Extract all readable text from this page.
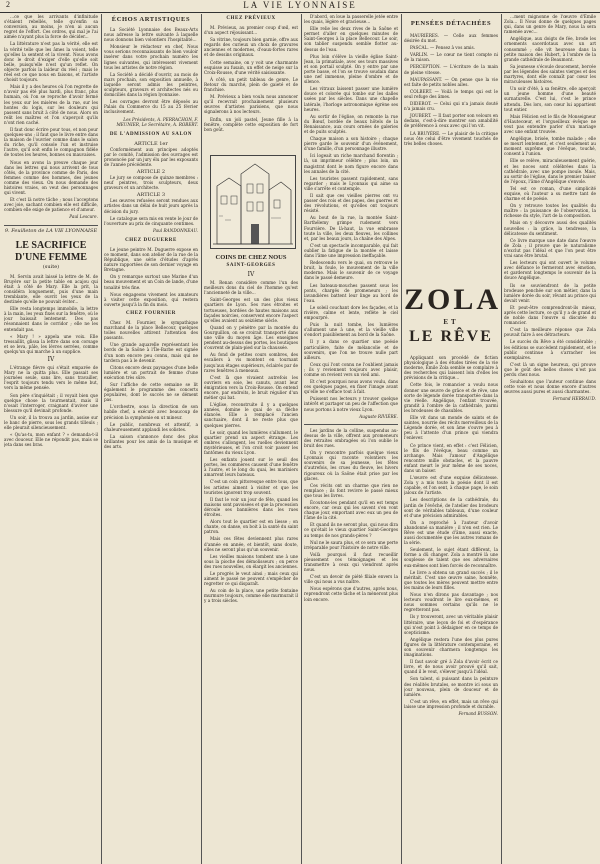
2	LA VIE LYONNAISE

…ce que les arrivants d'infinitude s'étaient rebellés, telle qu'enfin sa conversion, au moins, je n'en ai aucun regret de l'effort. Ces ordres, qui mal je l'ai aimée n'ayant plus la force de décider...

La littérature n'est pas la vérité, elle est la vérité telle que les âmes la voient, telle qu'elles la sentent et la vivent. Nous avons donc le droit d'exiger d'elle qu'elle soit belle, puisqu'elle n'est qu'un reflet. On objecte parfois la laideur du réel ; mais le réel est ce que nous en faisons, et l'artiste choisit toujours.

Mais il y a des heures où l'on regrette de n'avoir pas été plus hardi, plus franc, plus humain, où l'on se reproche d'avoir fermé les yeux sur les misères de la rue, sur les hontes du logis, sur les douleurs qui passent sans bruit à côté de nous. Alors on relit les maîtres et l'on s'aperçoit qu'ils n'ont rien caché.

Il faut donc écrire pour tous, et non pour quelques-uns ; il faut que le livre entre dans la maison de l'ouvrier comme dans le salon du riche, qu'il console l'un et instruise l'autre, qu'il soit enfin le compagnon fidèle de toutes les heures, bonnes ou mauvaises.

Nous en avons la preuve chaque jour dans les lettres qui nous arrivent de tous côtés, de la province comme de Paris, des femmes comme des hommes, des jeunes comme des vieux. On nous demande des histoires vraies, on veut des personnages qui vivent.

Et c'est là notre tâche ; nous l'acceptons avec joie, sachant combien elle est difficile, combien elle exige de patience et d'amour.

Paul Lescure.
9. Feuilleton de LA VIE LYONNAISE
LE SACRIFICE D'UNE FEMME
(suite)

M. Servin avait laissé la lettre de M. de Bruyère sur la petite table en acajou qui était à côté de Mary. Elle la prit, la considéra longuement, puis d'une main tremblante, elle ouvrit les yeux de la destinée qu'elle ne pouvait éviter...

Elle resta longtemps immobile, la lettre à la main, les yeux fixés sur la fenêtre, où le jour baissait lentement. Des pas résonnaient dans le corridor ; elle ne les entendait pas.

« Mary ! » appela une voix. Elle tressaillit, glissa la lettre dans son corsage et se leva, pâle, les lèvres serrées, comme quelqu'un qui marche à un supplice.

IV

L'étrange fièvre qui s'était emparée de Mary ne la quitta plus. Elle passait ses journées seule, sans lire, sans travailler, l'esprit toujours tendu vers le même but, vers la même pensée.

Son père s'inquiétait ; il voyait bien que quelque chose la tourmentait, mais il n'osait l'interroger, craignant d'aviver une blessure qu'il devinait profonde.

Un soir, il la trouva au jardin, assise sur le banc de pierre, sous les grands tilleuls ; elle pleurait silencieusement.

« Qu'as-tu, mon enfant ? » demanda-t-il avec douceur. Elle ne répondit pas, mais se jeta dans ses bras.

ÉCHOS ARTISTIQUES

La Société Lyonnaise des Beaux-Arts nous adresse la lettre suivante à laquelle nous donnons bien volontiers l'hospitalité...

Monsieur le rédacteur en chef, Nous vous serions reconnaissants de bien vouloir insérer dans votre prochain numéro les lignes suivantes, qui intéressent vivement tous les artistes de notre région.

La Société a décidé d'ouvrir, au mois de mars prochain, son exposition annuelle, à laquelle seront admis les peintres, sculpteurs, graveurs et architectes nés ou domiciliés dans la région lyonnaise.

Les ouvrages devront être déposés au Palais du Commerce du 15 au 25 février inclusivement.

Les Présidents, A. PERRACHON, F. MEUNIER, Le Secrétaire, A. ROBERT.
DE L'ADMISSION AU SALON
ARTICLE 1er

Conformément aux principes adoptés par le comité, l'admission des ouvrages est prononcée par un jury élu par les exposants de l'année précédente.

ARTICLE 2

Le jury se compose de quinze membres : neuf peintres, trois sculpteurs, deux graveurs et un architecte.

ARTICLE 3

Les œuvres refusées seront rendues aux artistes dans un délai de huit jours après la décision du jury.

Le catalogue sera mis en vente le jour de l'ouverture au prix de cinquante centimes.

Paul RANDONNEAU.
CHEZ DUGUERRE

Le jeune peintre M. Duguerre expose en ce moment, dans son atelier de la rue de la République, une série d'études d'après nature rapportées de son dernier voyage en Bretagne.

On y remarque surtout une Marine d'un beau mouvement et un Coin de lande, d'une tonalité très fine.

Nous engageons vivement les amateurs à visiter cette exposition, qui restera ouverte jusqu'à la fin du mois.

CHEZ FOURNIER

Chez M. Fournier, le sympathique marchand de la place Bellecour, quelques toiles nouvelles attirent l'attention des passants.

Une grande aquarelle représentant les bords de la Saône à l'Île-Barbe est signée d'un nom encore peu connu, mais qui ne tardera pas à le devenir.

Citons encore deux paysages d'une belle lumière et un portrait de femme d'une exécution très sûre.

Sur l'affiche de cette semaine se lit également le programme des concerts populaires, dont le succès ne se dément pas.

L'orchestre, sous la direction de son habile chef, a exécuté avec beaucoup de précision la symphonie en ut mineur.

Le public, nombreux et attentif, a chaleureusement applaudi les solistes.

La saison s'annonce donc des plus brillantes pour les amis de la musique et des arts.

CHEZ PRÉVIEUX

M. Prévieux, au premier coup d'œil, est d'un aspect réjouissant...

Sa vitrine, toujours bien garnie, offre aux regards des curieux un choix de gravures anciennes et modernes, d'eaux-fortes rares et de dessins originaux.

Cette semaine, on y voit une charmante esquisse au fusain, un effet de neige sur la Croix-Rousse, d'une vérité saisissante.

À côté, un petit tableau de genre, Le Retour du marché, plein de gaieté et de franchise.

M. Prévieux a bien voulu nous annoncer qu'il recevrait prochainement plusieurs œuvres d'artistes parisiens, que nous signalerons à nos lecteurs.

Enfin, un joli pastel, Jeune fille à la fenêtre, complète cette exposition de fort bon goût.

COINS DE CHEZ NOUS
SAINT-GEORGES
IV

M. Renan considère comme l'un des meilleurs dons du ciel de l'homme qu'est l'ancienneté de la ville...

Saint-Georges est un des plus vieux quartiers de Lyon. Ses rues étroites et tortueuses, bordées de hautes maisons aux façades noircies, conservent encore l'aspect qu'elles avaient au seizième siècle.

Quand on y pénètre par la montée du Gourguillon, on se croirait transporté dans une ville du moyen âge. Les enseignes pendent au-dessus des portes, les boutiques s'ouvrent de plain-pied sur la chaussée.

Au fond de petites cours sombres, des escaliers à vis montent en tournant jusqu'aux étages supérieurs, éclairés par de rares fenêtres à meneaux.

C'est là que vivaient autrefois les ouvriers en soie, les canuts, avant leur émigration vers la Croix-Rousse. On entend encore, par endroits, le bruit régulier d'un métier qui bat.

L'église, reconstruite il y a quelques années, domine le quai de sa flèche élancée. Elle a remplacé l'ancien sanctuaire, dont il ne reste plus que quelques pierres.

Le soir, quand les lumières s'allument, le quartier prend un aspect étrange. Les ombres s'allongent, les ruelles deviennent mystérieuses, et l'on croit voir passer les fantômes du vieux Lyon.

Les enfants jouent sur le seuil des portes, les commères causent d'une fenêtre à l'autre, et le long du quai, les mariniers amarrent leurs bateaux.

C'est un coin pittoresque entre tous, que les artistes aiment à visiter et que les touristes ignorent trop souvent.

Il faut le voir un jour de fête, quand les maisons sont pavoisées et que la procession déroule ses bannières dans les rues étroites.

Alors tout le quartier est en liesse ; on chante, on danse, on boit à la santé du saint patron.

Mais ces fêtes deviennent plus rares d'année en année, et bientôt, sans doute, elles ne seront plus qu'un souvenir.

Les vieilles maisons tombent une à une sous la pioche des démolisseurs ; on perce des rues nouvelles, on élargit les anciennes.

Le progrès le veut ainsi ; mais ceux qui aiment le passé ne peuvent s'empêcher de regretter ce qui disparaît.

Au coin de la place, une petite fontaine murmure toujours, comme elle murmurait il y a trois siècles.

D'abord, on loue la passerelle jetée entre les quais, légère et gracieuse...

Elle relie les deux rives de la Saône et permet d'aller en quelques minutes de Saint-Georges à la place Bellecour. Le soir, son tablier suspendu semble flotter au-dessus de l'eau.

Plus loin s'élève la vieille église Saint-Jean, la primatiale, avec ses tours massives et son portail sculpté. On y entre par une porte basse, et l'on se trouve soudain dans une nef immense, pleine d'ombre et de silence.

Les vitraux laissent passer une lumière douce et colorée qui tombe sur les dalles usées par les siècles. Dans une chapelle latérale, l'horloge astronomique égrène ses heures.

Au sortir de l'église, on remonte la rue du Bœuf, bordée de beaux hôtels de la Renaissance, aux cours ornées de galeries et de puits sculptés.

Chaque maison a son histoire ; chaque pierre garde le souvenir d'un événement, d'une famille, d'un personnage illustre.

Ici logeait un riche marchand florentin ; là, un imprimeur célèbre ; plus loin, un magistrat dont le nom figure encore dans les annales de la cité.

Les touristes passent rapidement, sans regarder ; mais le Lyonnais qui aime sa ville s'arrête et contemple.

Il sait que ces vieilles pierres ont vu passer des rois et des papes, des guerres et des révolutions, et qu'elles ont toujours résisté.

Au bout de la rue, la montée Saint-Barthélemy grimpe rudement vers Fourvière. De là-haut, la vue embrasse toute la ville, les deux fleuves, les collines et, par les beaux jours, la chaîne des Alpes.

C'est un spectacle incomparable, qui fait oublier la fatigue de la montée et laisse dans l'âme une impression ineffaçable.

Redescendu vers le quai, on retrouve le bruit, la foule, le mouvement de la ville moderne. Mais le souvenir de ce voyage dans le passé demeure.

Les bateaux-mouches passent sous les ponts, chargés de promeneurs ; les lavandières battent leur linge au bord de l'eau.

Le soleil couchant dore les façades, et la rivière, calme et lente, reflète le ciel empourpré.

Puis la nuit tombe, les lumières s'allument une à une, et la vieille ville s'endort paisiblement au bord de la Saône.

Il y a dans ce quartier une poésie particulière, faite de mélancolie et de souvenirs, que l'on ne trouve nulle part ailleurs.

Ceux qui l'ont connu ne l'oublient jamais ; ils y reviennent toujours avec plaisir, comme on revient vers un vieil ami.

Et c'est pourquoi nous avons voulu, dans ces quelques pages, en fixer l'image avant qu'elle ne s'efface tout à fait.

Puissent nos lecteurs y trouver quelque intérêt et partager un peu de l'affection que nous portons à notre vieux Lyon.

Auguste RIVIÈRE.

Les jardins de la colline, suspendus au-dessus de la ville, offrent aux promeneurs des retraites ombragées où l'on oublie le bruit des rues.

On y rencontre parfois quelque vieux Lyonnais qui raconte volontiers les souvenirs de sa jeunesse, les fêtes d'autrefois, les crues du fleuve, les hivers rigoureux où la Saône était prise par les glaces.

Ces récits ont un charme que rien ne remplace ; ils font revivre le passé mieux que tous les livres.

Écoutons-les pendant qu'il en est temps encore, car ceux qui les savent s'en vont chaque jour, emportant avec eux un peu de l'âme de la cité.

Et quand ils ne seront plus, qui nous dira ce qu'était le vieux quartier Saint-Georges au temps de nos grands-pères ?

Nul ne le saura plus, et ce sera une perte irréparable pour l'histoire de notre ville.

Voilà pourquoi il faut recueillir pieusement ces témoignages et les transmettre à ceux qui viendront après nous.

C'est un devoir de piété filiale envers la ville qui nous a vus naître.

Nous espérons que d'autres, après nous, reprendront cette tâche et la mèneront plus loin encore.

PENSÉES DÉTACHÉES

MAURIÈRES. — Celle aux femmes désirée du mot.

PASCAL. — Pensez à vos amis.

VARLIN. — Le cœur ne tient compte ni de la raison.

PERCEPTION. — L'écriture de la main de pleine vitesse.

MAUPASSANT. — On pense que la vie est faite de petits nobles ailes.

COLBERT. — Voilà le temps qui est le seul refuge des âmes.

DIDEROT. — Celui qui n'a jamais douté n'a jamais cru.

JOUBERT. — Il faut porter son velours en dedans, c'est-à-dire montrer son amabilité de préférence à ceux avec qui l'on vit.

LA BRUYÈRE. — Le plaisir de la critique nous ôte celui d'être vivement touchés de très belles choses.

ZOLA
ET
LE RÊVE

Appliquant son procédé de fiction physiologique à des études tirées de la vie moderne, Émile Zola semble se complaire à des recherches qui laissent loin d'elles les prévisions de la critique...

Cette fois, le romancier a voulu nous donner une œuvre de grâce et de rêve, une sorte de légende dorée transportée dans la vie réelle. Angélique, l'enfant trouvée, grandit à l'ombre de la cathédrale, parmi les brodeuses de chasubles.

Elle vit dans un monde de saints et de saintes, nourrie des récits merveilleux de la Légende dorée, et son âme s'ouvre peu à peu à l'attente d'un prince qui viendra l'enlever.

Ce prince vient, en effet : c'est Félicien, le fils de l'évêque, beau comme un archange. Mais l'amour d'Angélique rencontre mille obstacles, et la pauvre enfant meurt le jour même de ses noces, dans un baiser.

L'œuvre est d'une exquise délicatesse. Zola y a mis toute la poésie dont il est capable, et l'on sent, à chaque page, le soin jaloux de l'artiste.

Les descriptions de la cathédrale, du jardin de l'évêché, de l'atelier des brodeurs sont de véritables tableaux, d'une couleur et d'une précision admirables.

On a reproché à l'auteur d'avoir abandonné sa manière ; il n'en est rien. Le Rêve est une étude d'âme, aussi exacte, aussi documentée que les autres romans de la série.

Seulement, le sujet étant différent, la forme a dû changer. Zola a montré là une souplesse de talent que ses adversaires eux-mêmes sont bien forcés de reconnaître.

Le livre a obtenu un grand succès ; il le méritait. C'est une œuvre saine, honnête, que toutes les mères peuvent mettre entre les mains de leurs filles.

Nous n'en dirons pas davantage ; nos lecteurs voudront le lire eux-mêmes, et nous sommes certains qu'ils ne le regretteront pas.

Ils y trouveront, avec un véritable plaisir littéraire, une leçon de foi et d'espérance qui n'est point à dédaigner en ce temps de scepticisme.

Angélique restera l'une des plus pures figures de la littérature contemporaine, et son souvenir charmera longtemps les imaginations.

Il faut savoir gré à Zola d'avoir écrit ce livre, et de nous avoir prouvé qu'il sait, quand il le veut, s'élever jusqu'à l'idéal.

Son talent, si puissant dans la peinture des réalités brutales, se montre ici sous un jour nouveau, plein de douceur et de lumière.

C'est un rêve, en effet, mais un rêve qui laisse une impression profonde et durable.

Fernand BUSSON.

…ment mignonne de l'œuvre d'Émile Zola... Il Nous donne de quelques pages qui, dans un genre de Mary, nous la sera ramenée avec...

Angélique, aux doigts de fée, brode les ornements sacerdotaux avec un art consommé ; elle vit heureuse dans la petite maison des Hubert, à l'ombre de la grande cathédrale de Beaumont.

Sa jeunesse s'écoule doucement, bercée par les légendes des saintes vierges et des martyres, dont elle connaît par cœur les miraculeuses histoires.

Un soir d'été, à sa fenêtre, elle aperçoit un jeune homme d'une beauté surnaturelle. C'est lui, c'est le prince attendu. Dès lors, son cœur lui appartient tout entier.

Mais Félicien est le fils de Monseigneur d'Hautecœur, et l'orgueilleux évêque ne veut pas entendre parler d'un mariage avec une enfant trouvée.

Angélique, brisée, tombe malade ; elle se meurt lentement, et c'est seulement au moment suprême que l'évêque, touché, consent à l'union.

Elle se relève, miraculeusement guérie, et les noces sont célébrées dans la cathédrale, avec une pompe inouïe. Mais, au sortir de l'église, dans le premier baiser de l'époux, l'âme d'Angélique s'envole.

Tel est ce roman, d'une simplicité exquise, où l'auteur a su mettre tant de charme et de poésie.

On y retrouve toutes les qualités du maître : la puissance de l'observation, la richesse du style, l'art de la composition.

Mais on y découvre aussi des qualités nouvelles : la grâce, la tendresse, la délicatesse du sentiment.

Ce livre marque une date dans l'œuvre de Zola ; il prouve que le naturalisme n'exclut pas l'idéal et que l'on peut être vrai sans être brutal.

Les lecteurs qui ont ouvert le volume avec défiance le fermeront avec émotion, et garderont longtemps le souvenir de la douce Angélique.

Ils se souviendront de la petite brodeuse penchée sur son métier, dans la lumière dorée du soir, rêvant au prince qui devait venir.

Et peut-être comprendront-ils mieux, après cette lecture, ce qu'il y a de grand et de noble dans l'œuvre si discutée du romancier.

C'est la meilleure réponse que Zola pouvait faire à ses détracteurs.

Le succès du Rêve a été considérable ; les éditions se succèdent rapidement, et le public continue à s'arracher les exemplaires.

C'est là un signe heureux, qui prouve que le goût des belles choses n'est pas perdu chez nous.

Souhaitons que l'auteur continue dans cette voie et nous donne encore d'autres œuvres aussi pures et aussi charmantes.

Fernand HERRAUD.
